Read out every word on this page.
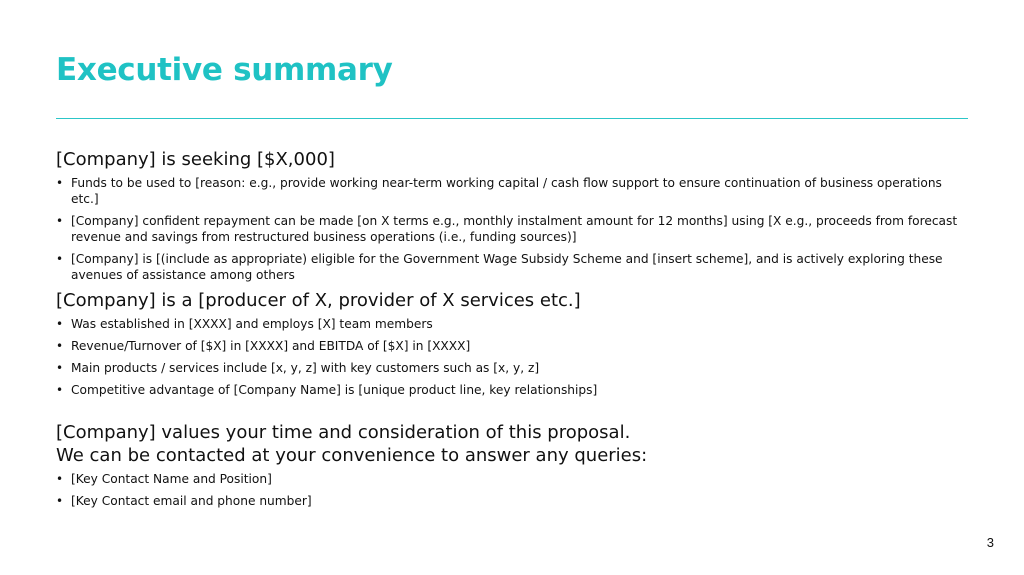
Executive summary

[Company] is seeking [$X,000]

• Funds to be used to [reason: e.g., provide working near-term working capital / cash flow support to ensure continuation of business operations etc.]
• [Company] confident repayment can be made [on X terms e.g., monthly instalment amount for 12 months] using [X e.g., proceeds from forecast revenue and savings from restructured business operations (i.e., funding sources)]
• [Company] is [(include as appropriate) eligible for the Government Wage Subsidy Scheme and [insert scheme], and is actively exploring these avenues of assistance among others

[Company] is a [producer of X, provider of X services etc.]

• Was established in [XXXX] and employs [X] team members
• Revenue/Turnover of [$X] in [XXXX] and EBITDA of [$X] in [XXXX]
• Main products / services include [x, y, z] with key customers such as [x, y, z]
• Competitive advantage of [Company Name] is [unique product line, key relationships]

[Company] values your time and consideration of this proposal.

We can be contacted at your convenience to answer any queries:

• [Key Contact Name and Position]
• [Key Contact email and phone number]
3
